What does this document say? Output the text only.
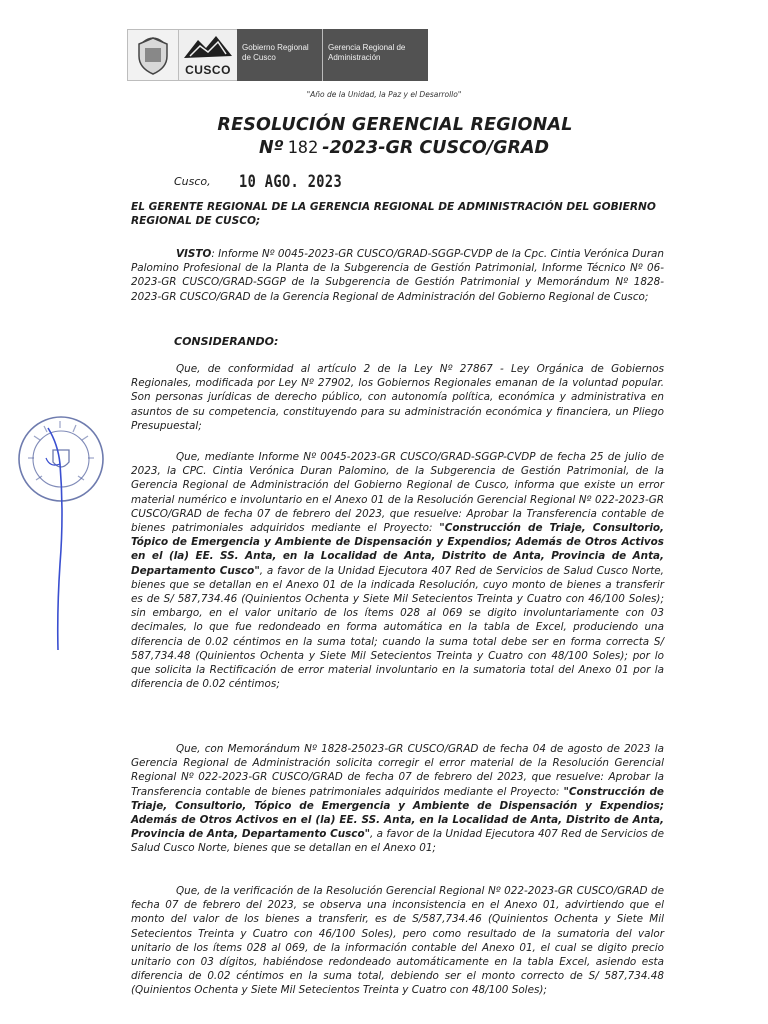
CUSCO
Gobierno Regional
de Cusco
Gerencia Regional de
Administración
"Año de la Unidad, la Paz y el Desarrollo"
RESOLUCIÓN GERENCIAL REGIONAL
Nº 182 -2023-GR CUSCO/GRAD
Cusco, 10 AGO. 2023

EL GERENTE REGIONAL DE LA GERENCIA REGIONAL DE ADMINISTRACIÓN DEL GOBIERNO REGIONAL DE CUSCO;

VISTO: Informe Nº 0045-2023-GR CUSCO/GRAD-SGGP-CVDP de la Cpc. Cintia Verónica Duran Palomino Profesional de la Planta de la Subgerencia de Gestión Patrimonial, Informe Técnico Nº 06-2023-GR CUSCO/GRAD-SGGP de la Subgerencia de Gestión Patrimonial y Memorándum Nº 1828-2023-GR CUSCO/GRAD de la Gerencia Regional de Administración del Gobierno Regional de Cusco;

CONSIDERANDO:

Que, de conformidad al artículo 2 de la Ley Nº 27867 - Ley Orgánica de Gobiernos Regionales, modificada por Ley Nº 27902, los Gobiernos Regionales emanan de la voluntad popular. Son personas jurídicas de derecho público, con autonomía política, económica y administrativa en asuntos de su competencia, constituyendo para su administración económica y financiera, un Pliego Presupuestal;

Que, mediante Informe Nº 0045-2023-GR CUSCO/GRAD-SGGP-CVDP de fecha 25 de julio de 2023, la CPC. Cintia Verónica Duran Palomino, de la Subgerencia de Gestión Patrimonial, de la Gerencia Regional de Administración del Gobierno Regional de Cusco, informa que existe un error material numérico e involuntario en el Anexo 01 de la Resolución Gerencial Regional Nº 022-2023-GR CUSCO/GRAD de fecha 07 de febrero del 2023, que resuelve: Aprobar la Transferencia contable de bienes patrimoniales adquiridos mediante el Proyecto: "Construcción de Triaje, Consultorio, Tópico de Emergencia y Ambiente de Dispensación y Expendios; Además de Otros Activos en el (la) EE. SS. Anta, en la Localidad de Anta, Distrito de Anta, Provincia de Anta, Departamento Cusco", a favor de la Unidad Ejecutora 407 Red de Servicios de Salud Cusco Norte, bienes que se detallan en el Anexo 01 de la indicada Resolución, cuyo monto de bienes a transferir es de S/ 587,734.46 (Quinientos Ochenta y Siete Mil Setecientos Treinta y Cuatro con 46/100 Soles); sin embargo, en el valor unitario de los ítems 028 al 069 se digito involuntariamente con 03 decimales, lo que fue redondeado en forma automática en la tabla de Excel, produciendo una diferencia de 0.02 céntimos en la suma total; cuando la suma total debe ser en forma correcta S/ 587,734.48 (Quinientos Ochenta y Siete Mil Setecientos Treinta y Cuatro con 48/100 Soles); por lo que solicita la Rectificación de error material involuntario en la sumatoria total del Anexo 01 por la diferencia de 0.02 céntimos;

Que, con Memorándum Nº 1828-25023-GR CUSCO/GRAD de fecha 04 de agosto de 2023 la Gerencia Regional de Administración solicita corregir el error material de la Resolución Gerencial Regional Nº 022-2023-GR CUSCO/GRAD de fecha 07 de febrero del 2023, que resuelve: Aprobar la Transferencia contable de bienes patrimoniales adquiridos mediante el Proyecto: "Construcción de Triaje, Consultorio, Tópico de Emergencia y Ambiente de Dispensación y Expendios; Además de Otros Activos en el (la) EE. SS. Anta, en la Localidad de Anta, Distrito de Anta, Provincia de Anta, Departamento Cusco", a favor de la Unidad Ejecutora 407 Red de Servicios de Salud Cusco Norte, bienes que se detallan en el Anexo 01;

Que, de la verificación de la Resolución Gerencial Regional Nº 022-2023-GR CUSCO/GRAD de fecha 07 de febrero del 2023, se observa una inconsistencia en el Anexo 01, advirtiendo que el monto del valor de los bienes a transferir, es de S/587,734.46 (Quinientos Ochenta y Siete Mil Setecientos Treinta y Cuatro con 46/100 Soles), pero como resultado de la sumatoria del valor unitario de los ítems 028 al 069, de la información contable del Anexo 01, el cual se digito precio unitario con 03 dígitos, habiéndose redondeado automáticamente en la tabla Excel, asiendo esta diferencia de 0.02 céntimos en la suma total, debiendo ser el monto correcto de S/ 587,734.48 (Quinientos Ochenta y Siete Mil Setecientos Treinta y Cuatro con 48/100 Soles);
